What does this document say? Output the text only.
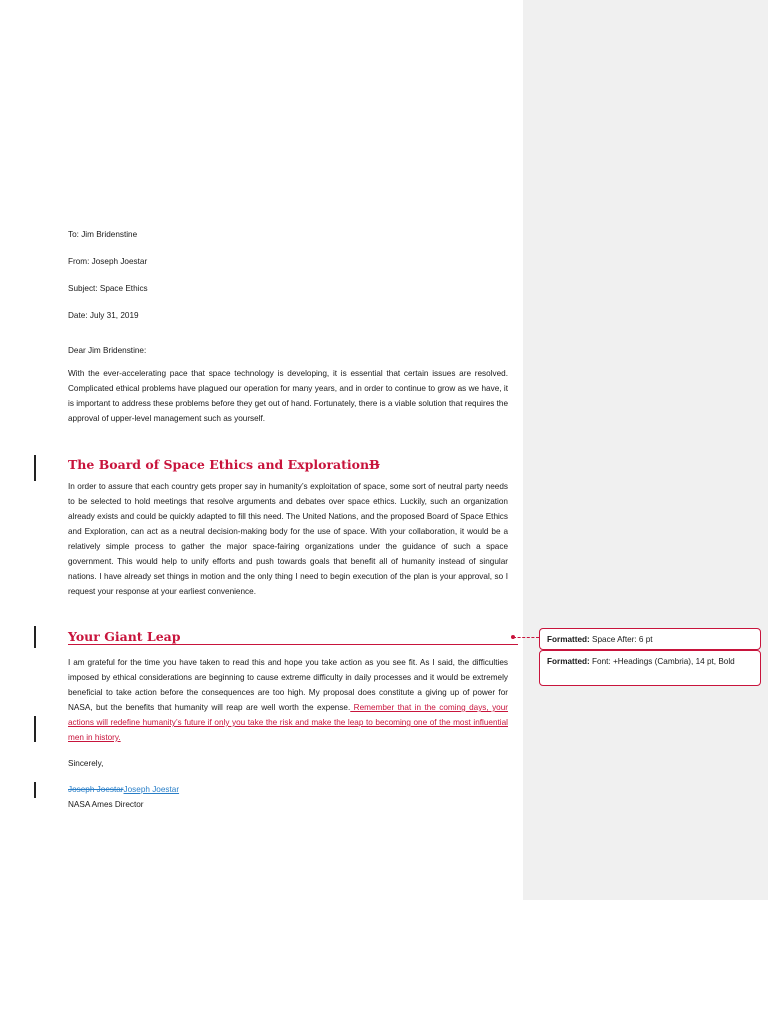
To: Jim Bridenstine
From: Joseph Joestar
Subject: Space Ethics
Date: July 31, 2019
Dear Jim Bridenstine:
With the ever-accelerating pace that space technology is developing, it is essential that certain issues are resolved. Complicated ethical problems have plagued our operation for many years, and in order to continue to grow as we have, it is important to address these problems before they get out of hand. Fortunately, there is a viable solution that requires the approval of upper-level management such as yourself.
The Board of Space Ethics and ExplorationB
In order to assure that each country gets proper say in humanity’s exploitation of space, some sort of neutral party needs to be selected to hold meetings that resolve arguments and debates over space ethics. Luckily, such an organization already exists and could be quickly adapted to fill this need. The United Nations, and the proposed Board of Space Ethics and Exploration, can act as a neutral decision-making body for the use of space. With your collaboration, it would be a relatively simple process to gather the major space-fairing organizations under the guidance of such a space government. This would help to unify efforts and push towards goals that benefit all of humanity instead of singular nations. I have already set things in motion and the only thing I need to begin execution of the plan is your approval, so I request your response at your earliest convenience.
Your Giant Leap
I am grateful for the time you have taken to read this and hope you take action as you see fit. As I said, the difficulties imposed by ethical considerations are beginning to cause extreme difficulty in daily processes and it would be extremely beneficial to take action before the consequences are too high. My proposal does constitute a giving up of power for NASA, but the benefits that humanity will reap are well worth the expense. Remember that in the coming days, your actions will redefine humanity’s future if only you take the risk and make the leap to becoming one of the most influential men in history.
Sincerely,
Joseph JoestarJoseph Joestar
NASA Ames Director
Formatted: Space After: 6 pt
Formatted: Font: +Headings (Cambria), 14 pt, Bold
